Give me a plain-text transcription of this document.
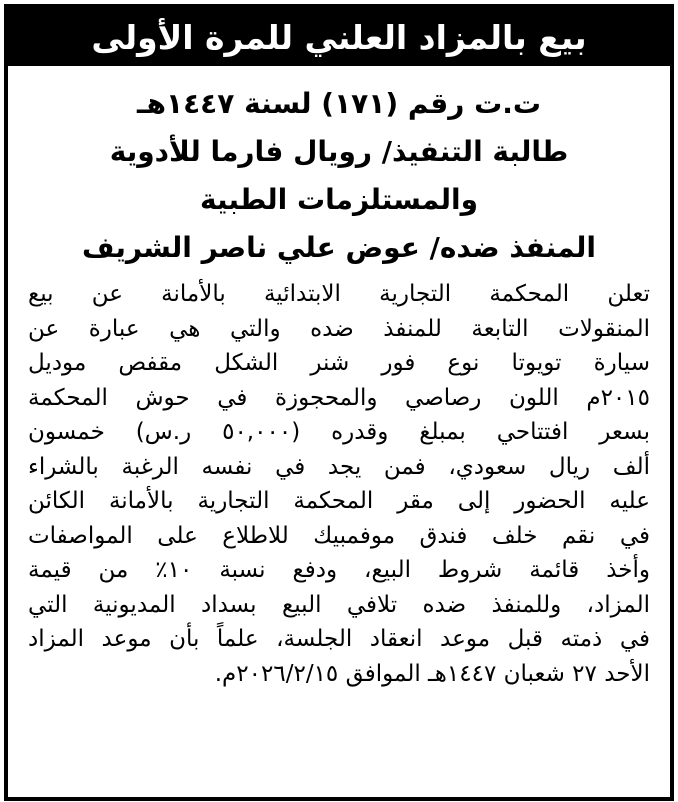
بيع بالمزاد العلني للمرة الأولى
ت.ت رقم (١٧١) لسنة ١٤٤٧هـ
طالبة التنفيذ/ رويال فارما للأدوية
والمستلزمات الطبية
المنفذ ضده/ عوض علي ناصر الشريف
تعلن المحكمة التجارية الابتدائية بالأمانة عن بيع
المنقولات التابعة للمنفذ ضده والتي هي عبارة عن
سيارة تويوتا نوع فور شنر الشكل مقفص موديل
٢٠١٥م اللون رصاصي والمحجوزة في حوش المحكمة
بسعر افتتاحي بمبلغ وقدره (٥٠,٠٠٠ ر.س) خمسون
ألف ريال سعودي، فمن يجد في نفسه الرغبة بالشراء
عليه الحضور إلى مقر المحكمة التجارية بالأمانة الكائن
في نقم خلف فندق موفمبيك للاطلاع على المواصفات
وأخذ قائمة شروط البيع، ودفع نسبة ١٠٪ من قيمة
المزاد، وللمنفذ ضده تلافي البيع بسداد المديونية التي
في ذمته قبل موعد انعقاد الجلسة، علماً بأن موعد المزاد
الأحد ٢٧ شعبان ١٤٤٧هـ الموافق ٢٠٢٦/٢/١٥م.
